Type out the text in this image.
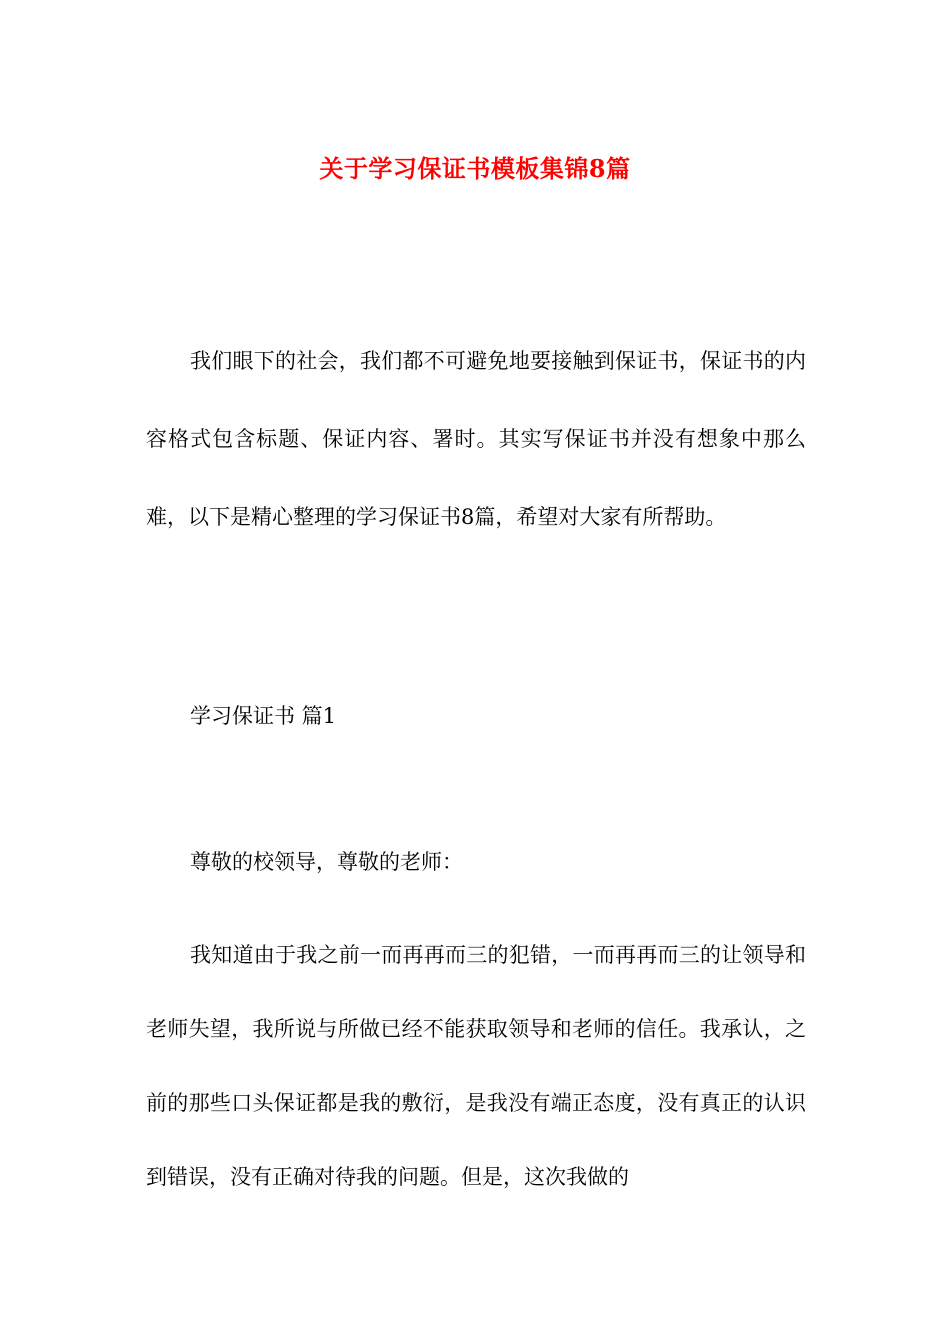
关于学习保证书模板集锦8篇

我们眼下的社会，我们都不可避免地要接触到保证书，保证书的内容格式包含标题、保证内容、署时。其实写保证书并没有想象中那么难，以下是精心整理的学习保证书8篇，希望对大家有所帮助。

学习保证书 篇1

尊敬的校领导，尊敬的老师：

我知道由于我之前一而再再而三的犯错，一而再再而三的让领导和老师失望，我所说与所做已经不能获取领导和老师的信任。我承认，之前的那些口头保证都是我的敷衍，是我没有端正态度，没有真正的认识到错误，没有正确对待我的问题。但是，这次我做的
